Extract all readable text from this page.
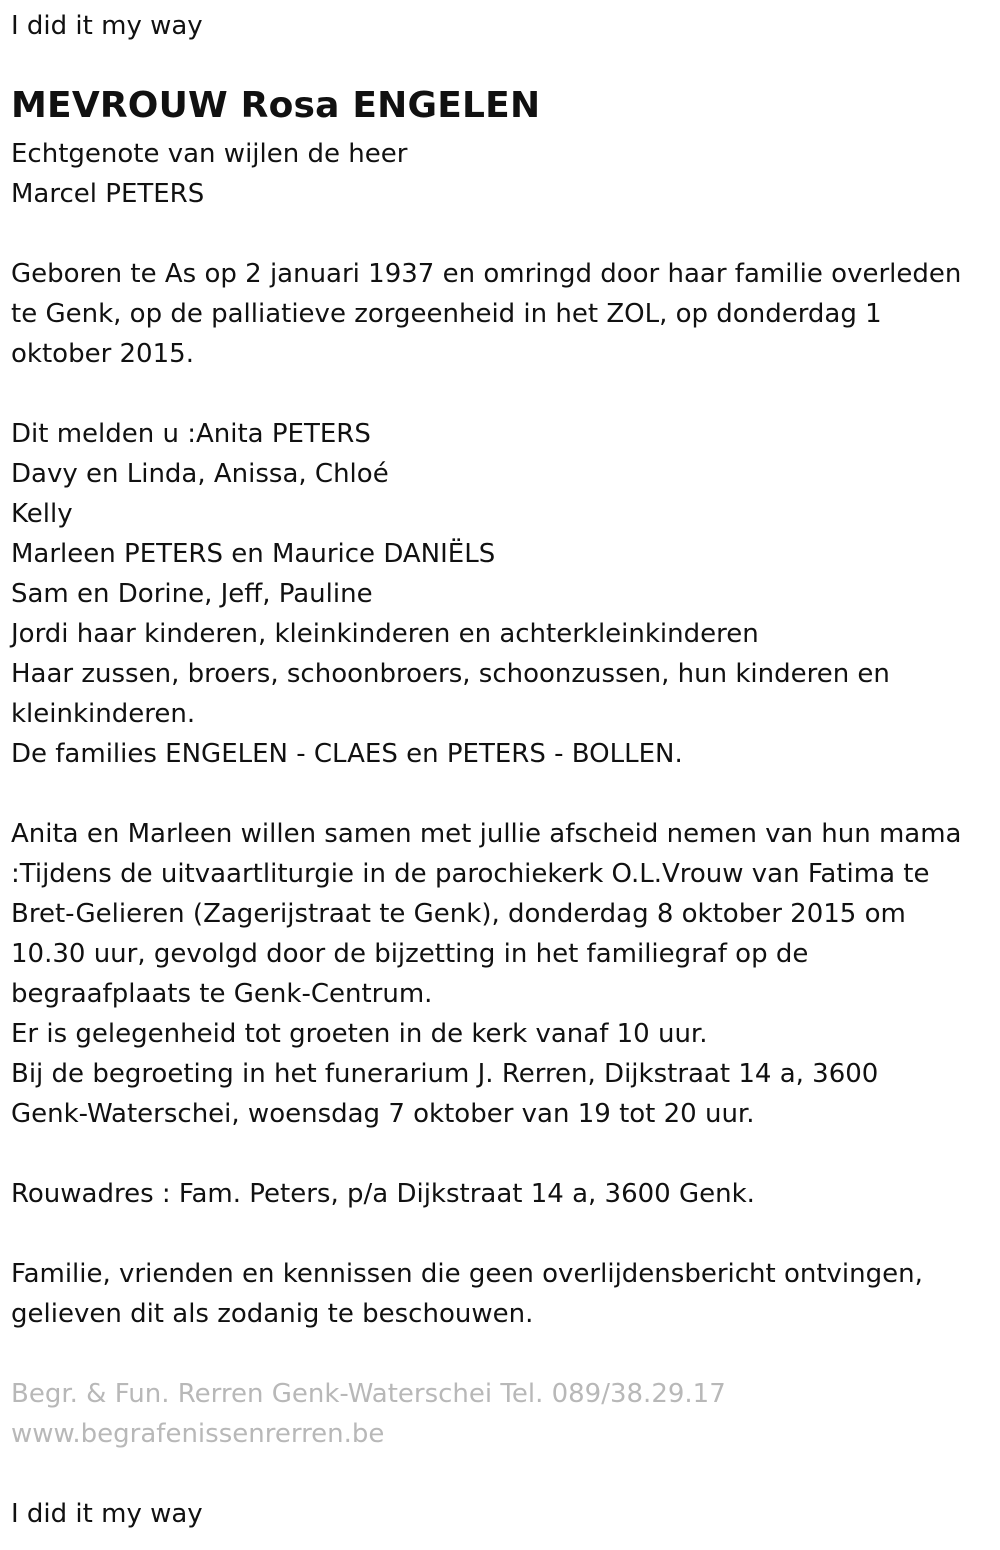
I did it my way

MEVROUW Rosa ENGELEN

Echtgenote van wijlen de heer

Marcel PETERS

Geboren te As op 2 januari 1937 en omringd door haar familie overleden

te Genk, op de palliatieve zorgeenheid in het ZOL, op donderdag 1

oktober 2015.

Dit melden u :Anita PETERS

Davy en Linda, Anissa, Chloé

Kelly

Marleen PETERS en Maurice DANIËLS

Sam en Dorine, Jeff, Pauline

Jordi haar kinderen, kleinkinderen en achterkleinkinderen

Haar zussen, broers, schoonbroers, schoonzussen, hun kinderen en

kleinkinderen.

De families ENGELEN - CLAES en PETERS - BOLLEN.

Anita en Marleen willen samen met jullie afscheid nemen van hun mama

:Tijdens de uitvaartliturgie in de parochiekerk O.L.Vrouw van Fatima te

Bret-Gelieren (Zagerijstraat te Genk), donderdag 8 oktober 2015 om

10.30 uur, gevolgd door de bijzetting in het familiegraf op de

begraafplaats te Genk-Centrum.

Er is gelegenheid tot groeten in de kerk vanaf 10 uur.

Bij de begroeting in het funerarium J. Rerren, Dijkstraat 14 a, 3600

Genk-Waterschei, woensdag 7 oktober van 19 tot 20 uur.

Rouwadres : Fam. Peters, p/a Dijkstraat 14 a, 3600 Genk.

Familie, vrienden en kennissen die geen overlijdensbericht ontvingen,

gelieven dit als zodanig te beschouwen.

Begr. & Fun. Rerren Genk-Waterschei Tel. 089/38.29.17

www.begrafenissenrerren.be

I did it my way
